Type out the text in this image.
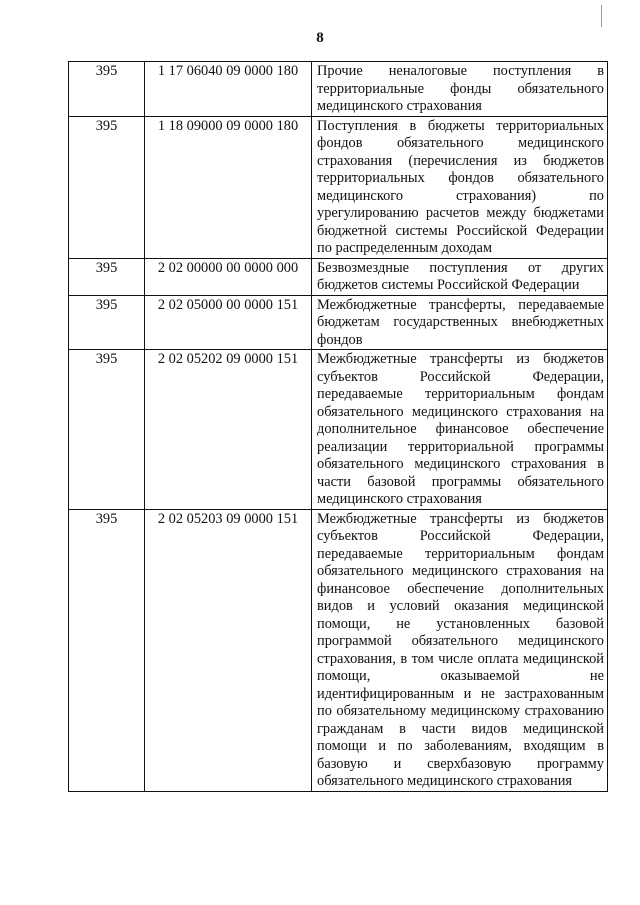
8
395	1 17 06040 09 0000 180	Прочие неналоговые поступления в территориальные фонды обязательного медицинского страхования

395	1 18 09000 09 0000 180	Поступления в бюджеты территориальных фондов обязательного медицинского страхования (перечисления из бюджетов территориальных фондов обязательного медицинского страхования) по урегулированию расчетов между бюджетами бюджетной системы Российской Федерации по распределенным доходам

395	2 02 00000 00 0000 000	Безвозмездные поступления от других бюджетов системы Российской Федерации

395	2 02 05000 00 0000 151	Межбюджетные трансферты, передаваемые бюджетам государственных внебюджетных фондов

395	2 02 05202 09 0000 151	Межбюджетные трансферты из бюджетов субъектов Российской Федерации, передаваемые территориальным фондам обязательного медицинского страхования на дополнительное финансовое обеспечение реализации территориальной программы обязательного медицинского страхования в части базовой программы обязательного медицинского страхования

395	2 02 05203 09 0000 151	Межбюджетные трансферты из бюджетов субъектов Российской Федерации, передаваемые территориальным фондам обязательного медицинского страхования на финансовое обеспечение дополнительных видов и условий оказания медицинской помощи, не установленных базовой программой обязательного медицинского страхования, в том числе оплата медицинской помощи, оказываемой не идентифицированным и не застрахованным по обязательному медицинскому страхованию гражданам в части видов медицинской помощи и по заболеваниям, входящим в базовую и сверхбазовую программу обязательного медицинского страхования
